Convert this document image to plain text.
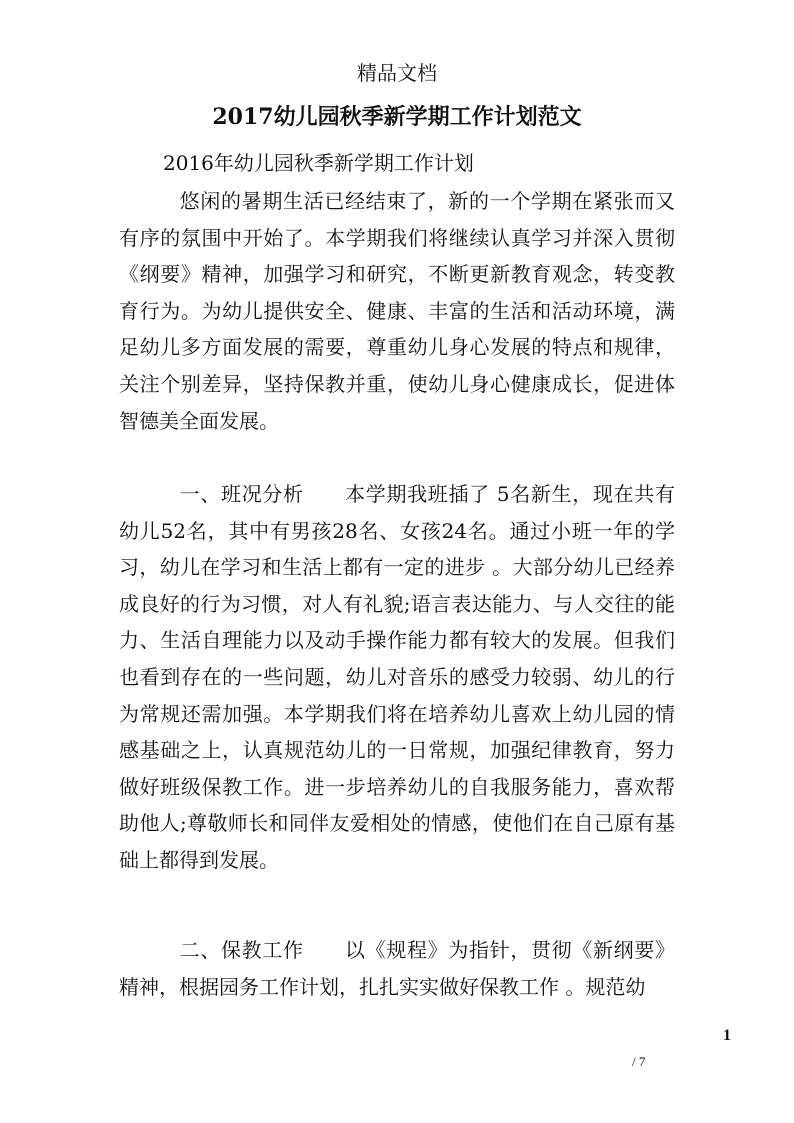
精品文档
2017幼儿园秋季新学期工作计划范文
2016年幼儿园秋季新学期工作计划

悠闲的暑期生活已经结束了，新的一个学期在紧张而又有序的氛围中开始了。本学期我们将继续认真学习并深入贯彻《纲要》精神，加强学习和研究，不断更新教育观念，转变教育行为。为幼儿提供安全、健康、丰富的生活和活动环境，满足幼儿多方面发展的需要，尊重幼儿身心发展的特点和规律，关注个别差异，坚持保教并重，使幼儿身心健康成长，促进体智德美全面发展。

一、班况分析　　本学期我班插了 5名新生，现在共有幼儿52名，其中有男孩28名、女孩24名。通过小班一年的学习，幼儿在学习和生活上都有一定的进步 。大部分幼儿已经养成良好的行为习惯，对人有礼貌;语言表达能力、与人交往的能力、生活自理能力以及动手操作能力都有较大的发展。但我们也看到存在的一些问题，幼儿对音乐的感受力较弱、幼儿的行为常规还需加强。本学期我们将在培养幼儿喜欢上幼儿园的情感基础之上，认真规范幼儿的一日常规，加强纪律教育，努力做好班级保教工作。进一步培养幼儿的自我服务能力，喜欢帮助他人;尊敬师长和同伴友爱相处的情感，使他们在自己原有基础上都得到发展。

二、保教工作　　以《规程》为指针，贯彻《新纲要》精神，根据园务工作计划，扎扎实实做好保教工作 。规范幼

1
/ 7
